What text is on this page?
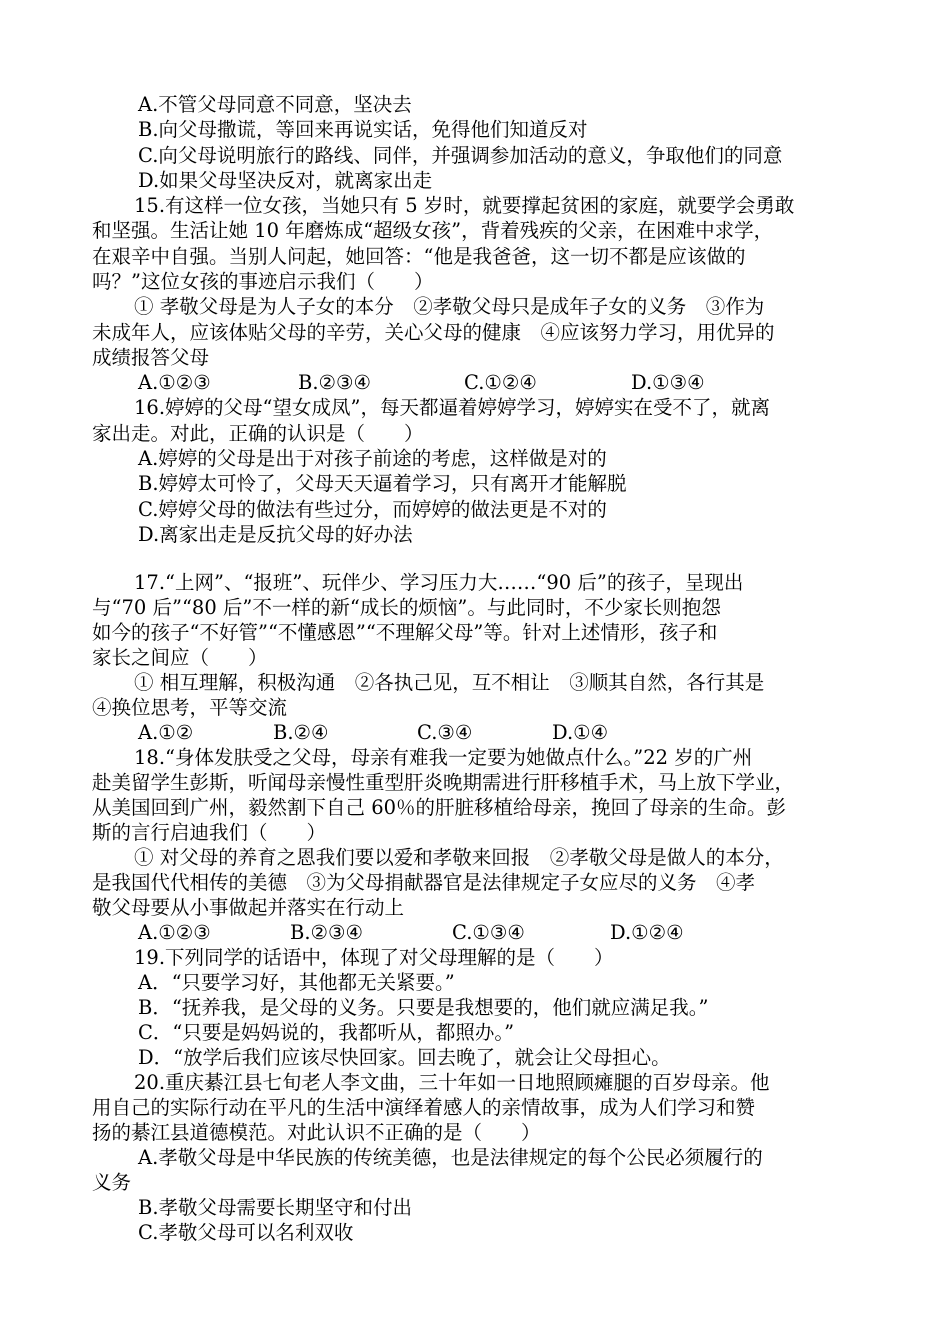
A.不管父母同意不同意，坚决去
B.向父母撒谎，等回来再说实话，免得他们知道反对
C.向父母说明旅行的路线、同伴，并强调参加活动的意义，争取他们的同意
D.如果父母坚决反对，就离家出走
15.有这样一位女孩，当她只有 5 岁时，就要撑起贫困的家庭，就要学会勇敢
和坚强。生活让她 10 年磨炼成“超级女孩”，背着残疾的父亲，在困难中求学，
在艰辛中自强。当别人问起，她回答：“他是我爸爸，这一切不都是应该做的
吗？”这位女孩的事迹启示我们（　　）
① 孝敬父母是为人子女的本分　②孝敬父母只是成年子女的义务　③作为
未成年人，应该体贴父母的辛劳，关心父母的健康　④应该努力学习，用优异的
成绩报答父母
A.①②③	B.②③④	C.①②④	D.①③④
16.婷婷的父母“望女成凤”，每天都逼着婷婷学习，婷婷实在受不了，就离
家出走。对此，正确的认识是（　　）
A.婷婷的父母是出于对孩子前途的考虑，这样做是对的
B.婷婷太可怜了，父母天天逼着学习，只有离开才能解脱
C.婷婷父母的做法有些过分，而婷婷的做法更是不对的
D.离家出走是反抗父母的好办法
17.“上网”、“报班”、玩伴少、学习压力大……“90 后”的孩子，呈现出
与“70 后”“80 后”不一样的新“成长的烦恼”。与此同时，不少家长则抱怨
如今的孩子“不好管”“不懂感恩”“不理解父母”等。针对上述情形，孩子和
家长之间应（　　）
① 相互理解，积极沟通　②各执己见，互不相让　③顺其自然，各行其是
④换位思考，平等交流
A.①②	B.②④	C.③④	D.①④
18.“身体发肤受之父母，母亲有难我一定要为她做点什么。”22 岁的广州
赴美留学生彭斯，听闻母亲慢性重型肝炎晚期需进行肝移植手术，马上放下学业，
从美国回到广州，毅然割下自己 60％的肝脏移植给母亲，挽回了母亲的生命。彭
斯的言行启迪我们（　　）
① 对父母的养育之恩我们要以爱和孝敬来回报　②孝敬父母是做人的本分，
是我国代代相传的美德　③为父母捐献器官是法律规定子女应尽的义务　④孝
敬父母要从小事做起并落实在行动上
A.①②③	B.②③④	C.①③④	D.①②④
19.下列同学的话语中，体现了对父母理解的是（　　）
A．“只要学习好，其他都无关紧要。”
B．“抚养我，是父母的义务。只要是我想要的，他们就应满足我。”
C．“只要是妈妈说的，我都听从，都照办。”
D．“放学后我们应该尽快回家。回去晚了，就会让父母担心。
20.重庆綦江县七旬老人李文曲，三十年如一日地照顾瘫腿的百岁母亲。他
用自己的实际行动在平凡的生活中演绎着感人的亲情故事，成为人们学习和赞
扬的綦江县道德模范。对此认识不正确的是（　　）
A.孝敬父母是中华民族的传统美德，也是法律规定的每个公民必须履行的
义务
B.孝敬父母需要长期坚守和付出
C.孝敬父母可以名利双收
